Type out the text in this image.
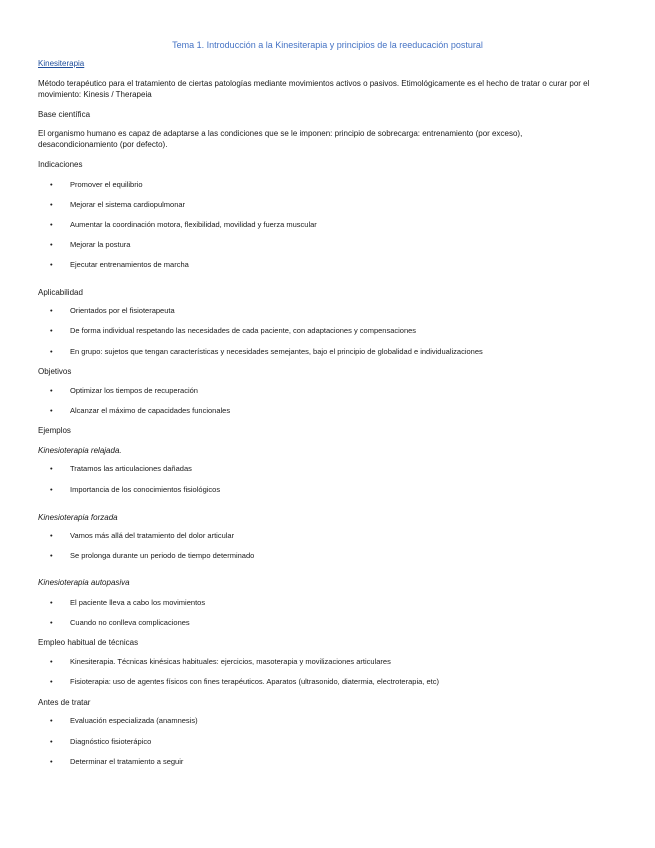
Tema 1. Introducción a la Kinesiterapia y principios de la reeducación postural
Kinesiterapia
Método terapéutico para el tratamiento de ciertas patologías mediante movimientos activos o pasivos. Etimológicamente es el hecho de tratar o curar por el movimiento: Kinesis / Therapeia
Base científica
El organismo humano es capaz de adaptarse a las condiciones que se le imponen: principio de sobrecarga: entrenamiento (por exceso), desacondicionamiento (por defecto).
Indicaciones
• Promover el equilibrio
• Mejorar el sistema cardiopulmonar
• Aumentar la coordinación motora, flexibilidad, movilidad y fuerza muscular
• Mejorar la postura
• Ejecutar entrenamientos de marcha
Aplicabilidad
• Orientados por el fisioterapeuta
• De forma individual respetando las necesidades de cada paciente, con adaptaciones y compensaciones
• En grupo: sujetos que tengan características y necesidades semejantes, bajo el principio de globalidad e individualizaciones
Objetivos
• Optimizar los tiempos de recuperación
• Alcanzar el máximo de capacidades funcionales
Ejemplos
Kinesioterapia relajada.
• Tratamos las articulaciones dañadas
• Importancia de los conocimientos fisiológicos
Kinesioterapia forzada
• Vamos más allá del tratamiento del dolor articular
• Se prolonga durante un periodo de tiempo determinado
Kinesioterapia autopasiva
• El paciente lleva a cabo los movimientos
• Cuando no conlleva complicaciones
Empleo habitual de técnicas
• Kinesiterapia. Técnicas kinésicas habituales: ejercicios, masoterapia y movilizaciones articulares
• Fisioterapia: uso de agentes físicos con fines terapéuticos. Aparatos (ultrasonido, diatermia, electroterapia, etc)
Antes de tratar
• Evaluación especializada (anamnesis)
• Diagnóstico fisioterápico
• Determinar el tratamiento a seguir
